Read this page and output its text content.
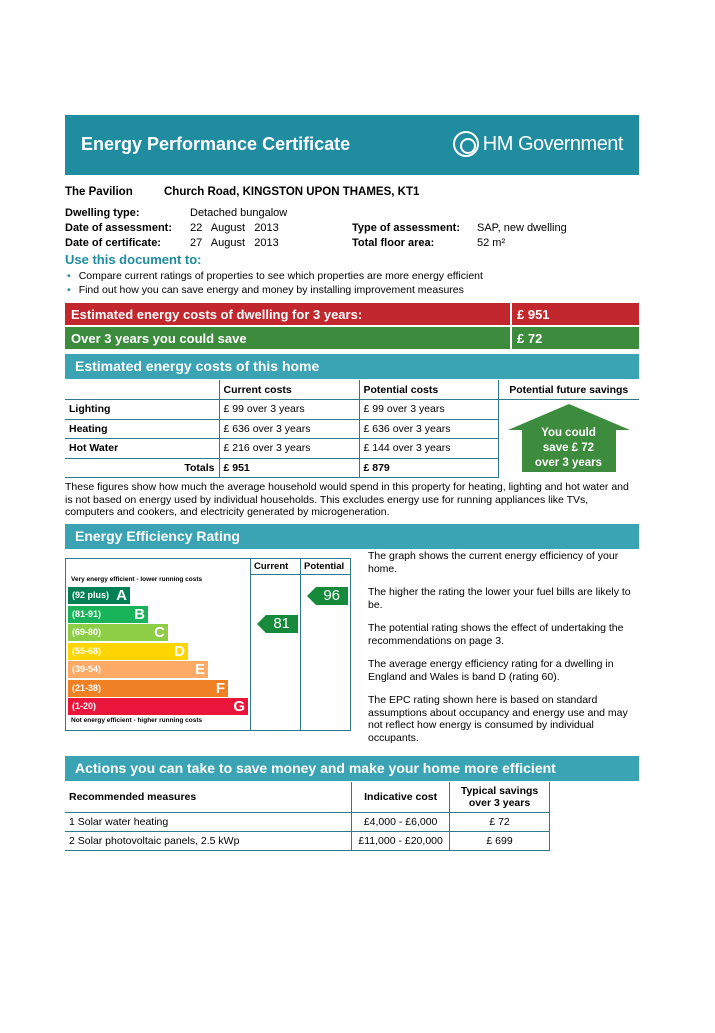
Energy Performance Certificate	HM Government
The Pavilion	Church Road, KINGSTON UPON THAMES, KT1
Dwelling type:	Detached bungalow
Date of assessment: 22   August   2013
Date of certificate:	27   August   2013
Type of assessment: SAP, new dwelling
Total floor area:	52 m²
Use this document to:
• Compare current ratings of properties to see which properties are more energy efficient
• Find out how you can save energy and money by installing improvement measures
Estimated energy costs of dwelling for 3 years:	£ 951
Over 3 years you could save	£ 72
Estimated energy costs of this home
	Current costs	Potential costs	Potential future savings
Lighting	£ 99 over 3 years	£ 99 over 3 years	You could
save £ 72
over 3 years

Heating	£ 636 over 3 years	£ 636 over 3 years	
Hot Water	£ 216 over 3 years	£ 144 over 3 years	
Totals	£ 951	£ 879	
These figures show how much the average household would spend in this property for heating, lighting and hot water and is not based on energy used by individual households. This excludes energy use for running appliances like TVs, computers and cookers, and electricity generated by microgeneration.
Energy Efficiency Rating
Current Potential
Very energy efficient - lower running costs
(92 plus) A
(81-91) B
(69-80)	C
(55-68)	D
(39-54)	E
(21-38)	F
(1-20)	G
Not energy efficient - higher running costs
81
96

The graph shows the current energy efficiency of your home.

The higher the rating the lower your fuel bills are likely to be.

The potential rating shows the effect of undertaking the recommendations on page 3.

The average energy efficiency rating for a dwelling in England and Wales is band D (rating 60).

The EPC rating shown here is based on standard assumptions about occupancy and energy use and may not reflect how energy is consumed by individual occupants.

Actions you can take to save money and make your home more efficient
Recommended measures	Indicative cost	Typical savings
over 3 years

1 Solar water heating	£4,000 - £6,000	£ 72
2 Solar photovoltaic panels, 2.5 kWp	£11,000 - £20,000	£ 699
